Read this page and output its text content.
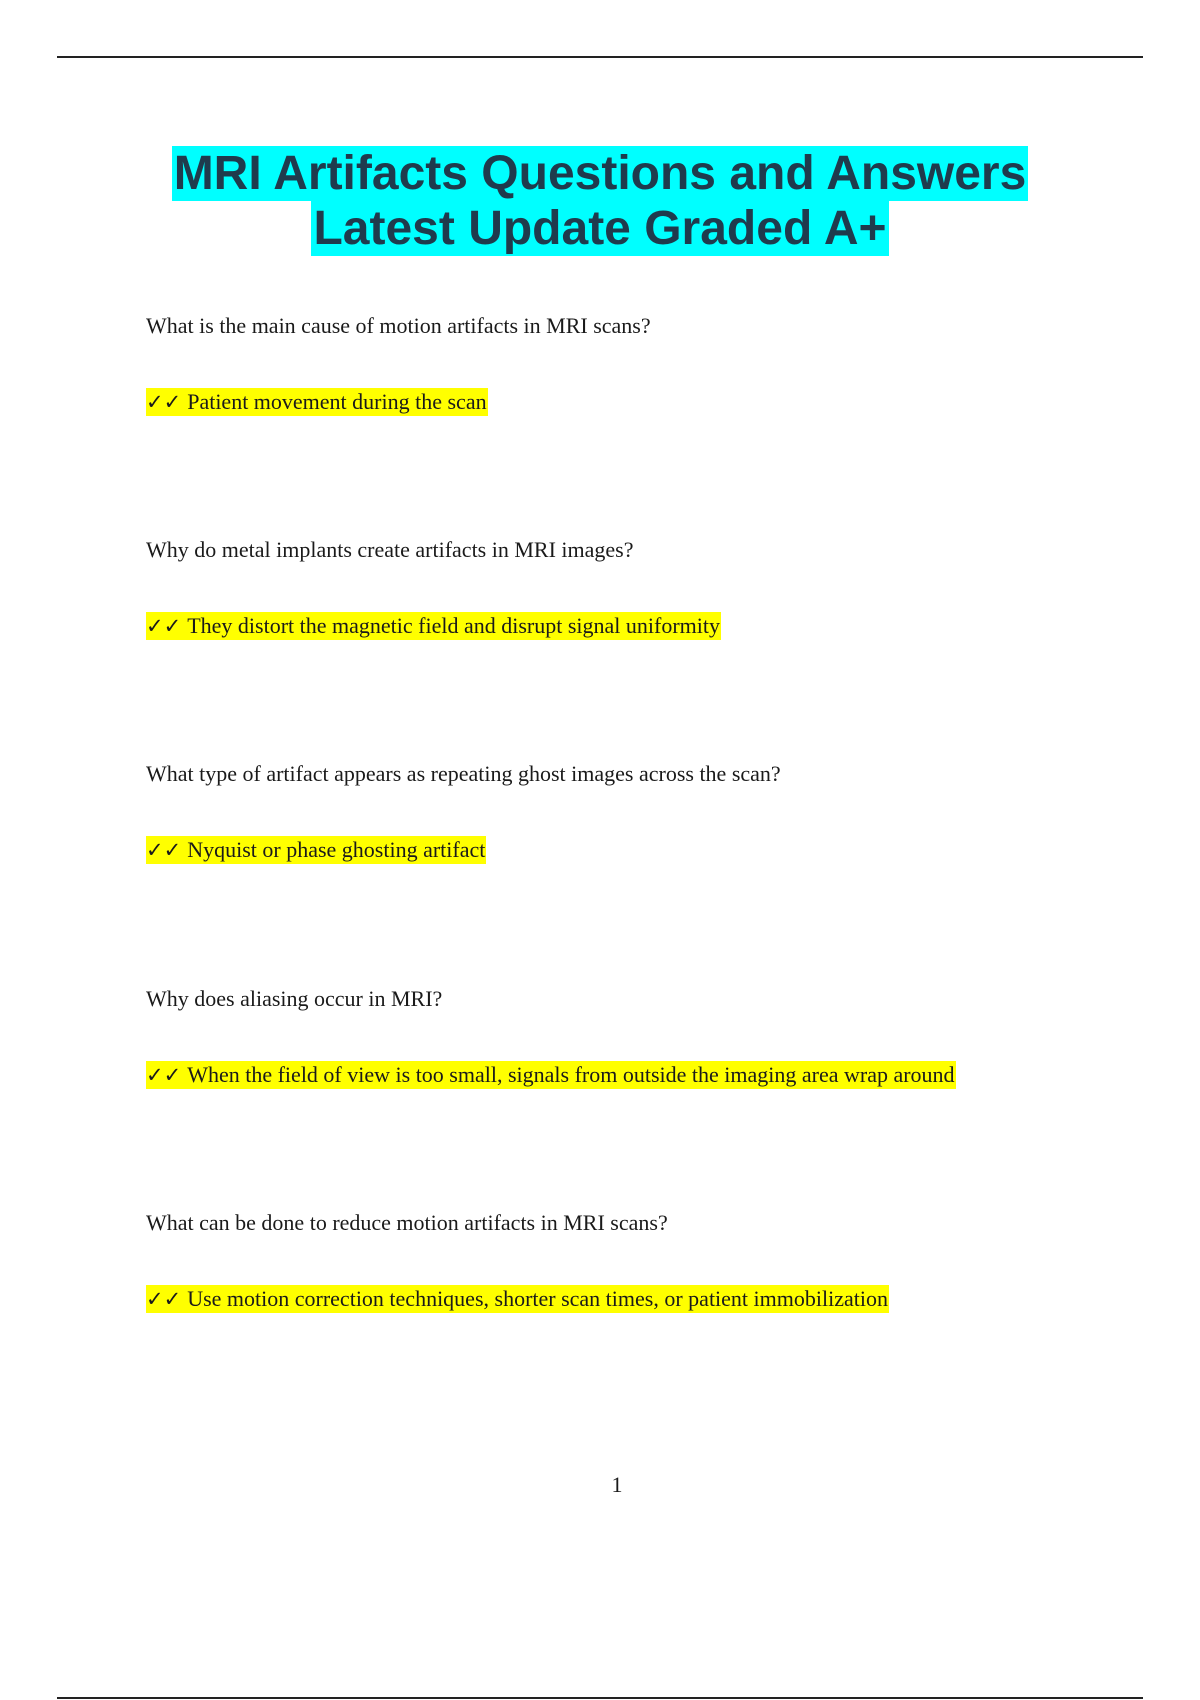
MRI Artifacts Questions and Answers
Latest Update Graded A+
What is the main cause of motion artifacts in MRI scans?
✓✓ Patient movement during the scan
Why do metal implants create artifacts in MRI images?
✓✓ They distort the magnetic field and disrupt signal uniformity
What type of artifact appears as repeating ghost images across the scan?
✓✓ Nyquist or phase ghosting artifact
Why does aliasing occur in MRI?
✓✓ When the field of view is too small, signals from outside the imaging area wrap around
What can be done to reduce motion artifacts in MRI scans?
✓✓ Use motion correction techniques, shorter scan times, or patient immobilization
1
